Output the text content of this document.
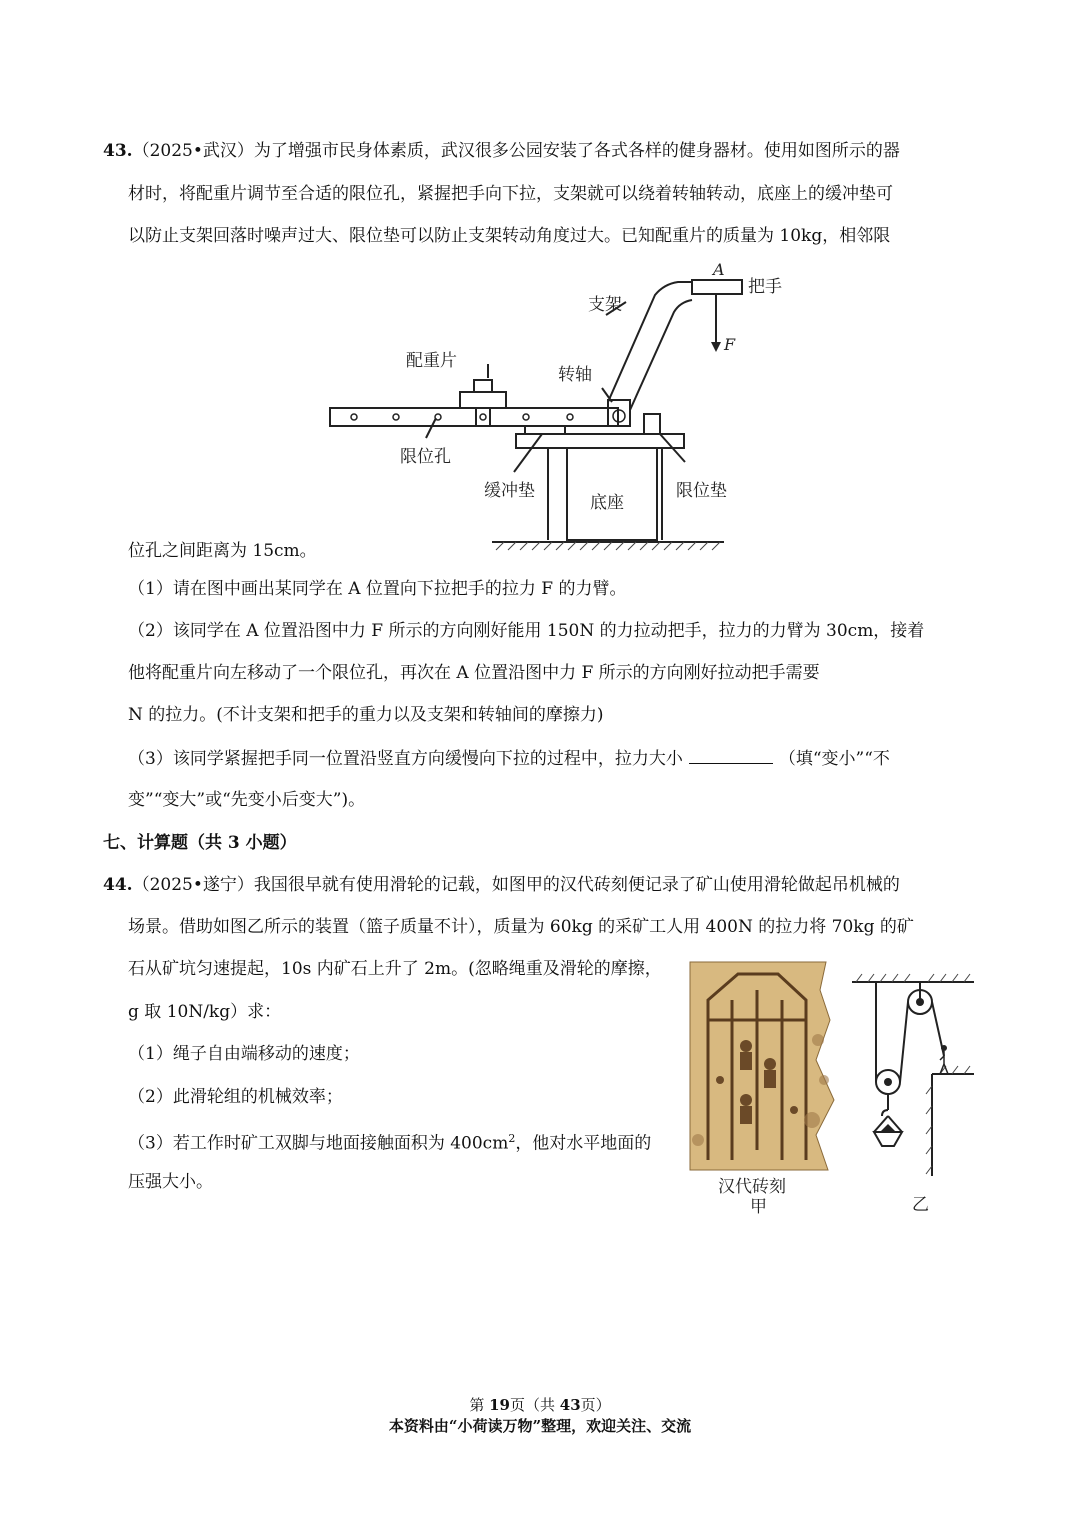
43.（2025•武汉）为了增强市民身体素质，武汉很多公园安装了各式各样的健身器材。使用如图所示的器
材时，将配重片调节至合适的限位孔，紧握把手向下拉，支架就可以绕着转轴转动，底座上的缓冲垫可
以防止支架回落时噪声过大、限位垫可以防止支架转动角度过大。已知配重片的质量为 10kg，相邻限
A
把手
支架
F
配重片
转轴
限位孔
缓冲垫
底座
限位垫
位孔之间距离为 15cm。
（1）请在图中画出某同学在 A 位置向下拉把手的拉力 F 的力臂。
（2）该同学在 A 位置沿图中力 F 所示的方向刚好能用 150N 的力拉动把手，拉力的力臂为 30cm，接着
他将配重片向左移动了一个限位孔，再次在 A 位置沿图中力 F 所示的方向刚好拉动把手需要
N 的拉力。(不计支架和把手的重力以及支架和转轴间的摩擦力)
（3）该同学紧握把手同一位置沿竖直方向缓慢向下拉的过程中，拉力大小	（填“变小”“不
变”“变大”或“先变小后变大”)。
七、计算题（共 3 小题）
44.（2025•遂宁）我国很早就有使用滑轮的记载，如图甲的汉代砖刻便记录了矿山使用滑轮做起吊机械的
场景。借助如图乙所示的装置（篮子质量不计），质量为 60kg 的采矿工人用 400N 的拉力将 70kg 的矿
石从矿坑匀速提起，10s 内矿石上升了 2m。(忽略绳重及滑轮的摩擦，
g 取 10N/kg）求：
（1）绳子自由端移动的速度；
（2）此滑轮组的机械效率；
（3）若工作时矿工双脚与地面接触面积为 $400cm^2$，他对水平地面的
压强大小。	汉代砖刻
甲	乙
第 19页（共 43页）
本资料由“小荷读万物”整理，欢迎关注、交流
